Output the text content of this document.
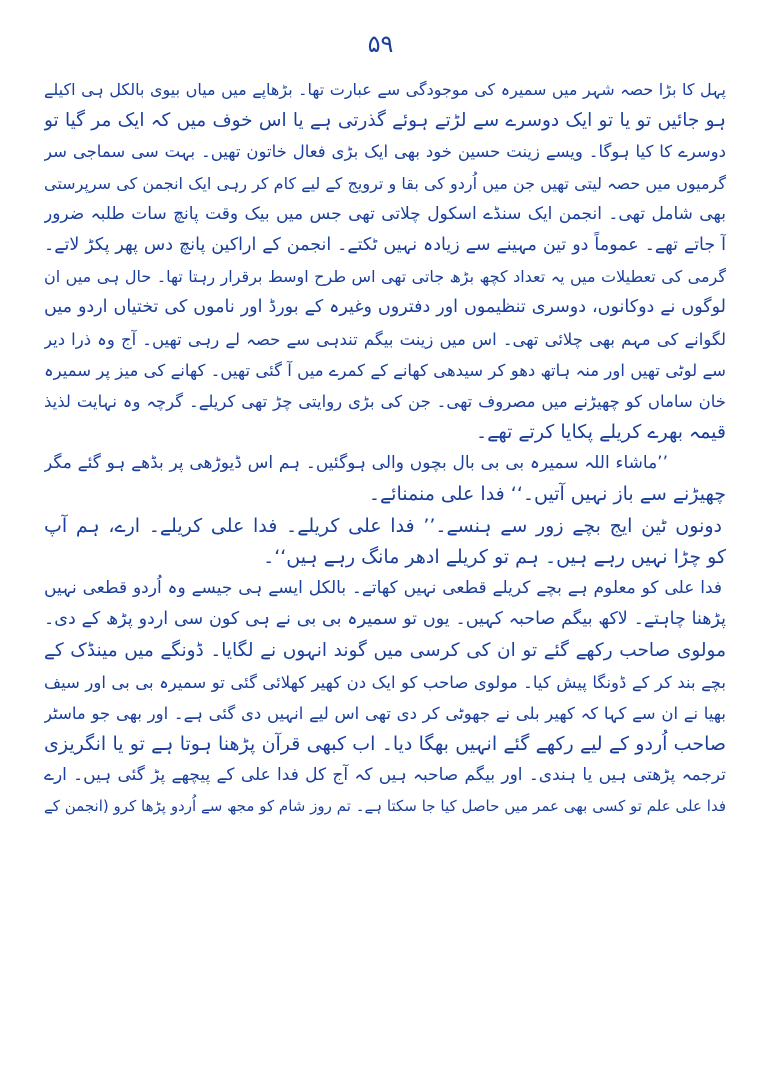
۵۹
پہل کا بڑا حصہ شہر میں سمیرہ کی موجودگی سے عبارت تھا۔ بڑھاپے میں میاں بیوی بالکل ہی اکیلے
ہو جائیں تو یا تو ایک دوسرے سے لڑتے ہوئے گذرتی ہے یا اس خوف میں کہ ایک مر گیا تو
دوسرے کا کیا ہوگا۔ ویسے زینت حسین خود بھی ایک بڑی فعال خاتون تھیں۔ بہت سی سماجی سر
گرمیوں میں حصہ لیتی تھیں جن میں اُردو کی بقا و ترویج کے لیے کام کر رہی ایک انجمن کی سرپرستی
بھی شامل تھی۔ انجمن ایک سنڈے اسکول چلاتی تھی جس میں بیک وقت پانچ سات طلبہ ضرور
آ جاتے تھے۔ عموماً دو تین مہینے سے زیادہ نہیں ٹکتے۔ انجمن کے اراکین پانچ دس پھر پکڑ لاتے۔
گرمی کی تعطیلات میں یہ تعداد کچھ بڑھ جاتی تھی اس طرح اوسط برقرار رہتا تھا۔ حال ہی میں ان
لوگوں نے دوکانوں، دوسری تنظیموں اور دفتروں وغیرہ کے بورڈ اور ناموں کی تختیاں اردو میں
لگوانے کی مہم بھی چلائی تھی۔ اس میں زینت بیگم تندہی سے حصہ لے رہی تھیں۔ آج وہ ذرا دیر
سے لوٹی تھیں اور منہ ہاتھ دھو کر سیدھی کھانے کے کمرے میں آ گئی تھیں۔ کھانے کی میز پر سمیرہ
خان ساماں کو چھیڑنے میں مصروف تھی۔ جن کی بڑی روایتی چڑ تھی کریلے۔ گرچہ وہ نہایت لذیذ
قیمہ بھرے کریلے پکایا کرتے تھے۔
’’ماشاء اللہ سمیرہ بی بی بال بچوں والی ہوگئیں۔ ہم اس ڈیوڑھی پر بڈھے ہو گئے مگر
چھیڑنے سے باز نہیں آتیں۔‘‘ فدا علی منمنائے۔
دونوں ٹین ایج بچے زور سے ہنسے۔’’ فدا علی کریلے۔ فدا علی کریلے۔ ارے، ہم آپ
کو چڑا نہیں رہے ہیں۔ ہم تو کریلے ادھر مانگ رہے ہیں‘‘۔
فدا علی کو معلوم ہے بچے کریلے قطعی نہیں کھاتے۔ بالکل ایسے ہی جیسے وہ اُردو قطعی نہیں
پڑھنا چاہتے۔ لاکھ بیگم صاحبہ کہیں۔ یوں تو سمیرہ بی بی نے ہی کون سی اردو پڑھ کے دی۔
مولوی صاحب رکھے گئے تو ان کی کرسی میں گوند انہوں نے لگایا۔ ڈونگے میں مینڈک کے
بچے بند کر کے ڈونگا پیش کیا۔ مولوی صاحب کو ایک دن کھیر کھلائی گئی تو سمیرہ بی بی اور سیف
بھیا نے ان سے کہا کہ کھیر بلی نے جھوٹی کر دی تھی اس لیے انہیں دی گئی ہے۔ اور بھی جو ماسٹر
صاحب اُردو کے لیے رکھے گئے انہیں بھگا دیا۔ اب کبھی قرآن پڑھنا ہوتا ہے تو یا انگریزی
ترجمہ پڑھتی ہیں یا ہندی۔ اور بیگم صاحبہ ہیں کہ آج کل فدا علی کے پیچھے پڑ گئی ہیں۔ ارے
فدا علی علم تو کسی بھی عمر میں حاصل کیا جا سکتا ہے۔ تم روز شام کو مجھ سے اُردو پڑھا کرو (انجمن کے
